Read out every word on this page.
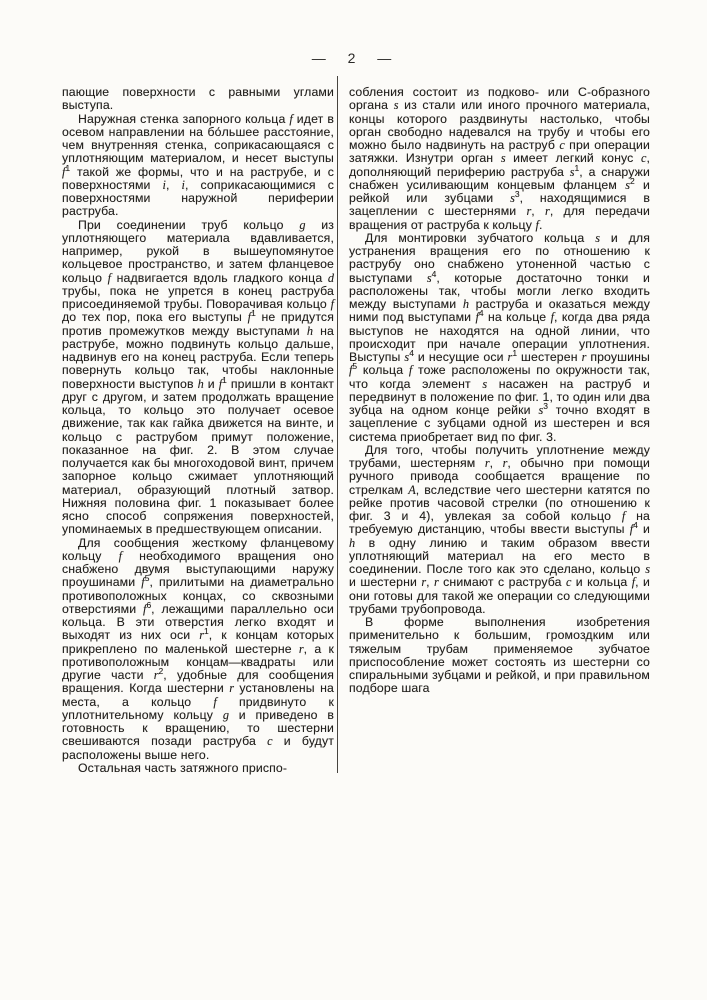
— 2 —

пающие поверхности с равными углами выступа.

Наружная стенка запорного кольца f идет в осевом направлении на бо́льшее расстояние, чем внутренняя стенка, соприкасающаяся с уплотняющим материалом, и несет выступы $f^1$ такой же формы, что и на раструбе, и с поверхностями i, i, соприкасающимися с поверхностями наружной периферии раструба.

При соединении труб кольцо g из уплотняющего материала вдавливается, например, рукой в вышеупомянутое кольцевое пространство, и затем фланцевое кольцо f надвигается вдоль гладкого конца d трубы, пока не упрется в конец раструба присоединяемой трубы. Поворачивая кольцо f до тех пор, пока его выступы $f^1$ не придутся против промежутков между выступами h на раструбе, можно подвинуть кольцо дальше, надвинув его на конец раструба. Если теперь повернуть кольцо так, чтобы наклонные поверхности выступов h и $f^1$ пришли в контакт друг с другом, и затем продолжать вращение кольца, то кольцо это получает осевое движение, так как гайка движется на винте, и кольцо с раструбом примут положение, показанное на фиг. 2. В этом случае получается как бы многоходовой винт, причем запорное кольцо сжимает уплотняющий материал, образующий плотный затвор. Нижняя половина фиг. 1 показывает более ясно способ сопряжения поверхностей, упоминаемых в предшествующем описании.

Для сообщения жесткому фланцевому кольцу f необходимого вращения оно снабжено двумя выступающими наружу проушинами $f^5$, прилитыми на диаметрально противоположных концах, со сквозными отверстиями $f^6$, лежащими параллельно оси кольца. В эти отверстия легко входят и выходят из них оси $r^1$, к концам которых прикреплено по маленькой шестерне r, а к противоположным концам—квадраты или другие части $r^2$, удобные для сообщения вращения. Когда шестерни r установлены на места, а кольцо f придвинуто к уплотнительному кольцу g и приведено в готовность к вращению, то шестерни свешиваются позади раструба c и будут расположены выше него.

Остальная часть затяжного приспо-

собления состоит из подково- или С-образного органа s из стали или иного прочного материала, концы которого раздвинуты настолько, чтобы орган свободно надевался на трубу и чтобы его можно было надвинуть на раструб c при операции затяжки. Изнутри орган s имеет легкий конус c, дополняющий периферию раструба $s^1$, а снаружи снабжен усиливающим концевым фланцем $s^2$ и рейкой или зубцами $s^3$, находящимися в зацеплении с шестернями r, r, для передачи вращения от раструба к кольцу f.

Для монтировки зубчатого кольца s и для устранения вращения его по отношению к раструбу оно снабжено утоненной частью с выступами $s^4$, которые достаточно тонки и расположены так, чтобы могли легко входить между выступами h раструба и оказаться между ними под выступами $f^4$ на кольце f, когда два ряда выступов не находятся на одной линии, что происходит при начале операции уплотнения. Выступы $s^4$ и несущие оси $r^1$ шестерен r проушины $f^5$ кольца f тоже расположены по окружности так, что когда элемент s насажен на раструб и передвинут в положение по фиг. 1, то один или два зубца на одном конце рейки $s^3$ точно входят в зацепление с зубцами одной из шестерен и вся система приобретает вид по фиг. 3.

Для того, чтобы получить уплотнение между трубами, шестерням r, r, обычно при помощи ручного привода сообщается вращение по стрелкам A, вследствие чего шестерни катятся по рейке против часовой стрелки (по отношению к фиг. 3 и 4), увлекая за собой кольцо f на требуемую дистанцию, чтобы ввести выступы $f^4$ и h в одну линию и таким образом ввести уплотняющий материал на его место в соединении. После того как это сделано, кольцо s и шестерни r, r снимают с раструба c и кольца f, и они готовы для такой же операции со следующими трубами трубопровода.

В форме выполнения изобретения применительно к большим, громоздким или тяжелым трубам применяемое зубчатое приспособление может состоять из шестерни со спиральными зубцами и рейкой, и при правильном подборе шага
